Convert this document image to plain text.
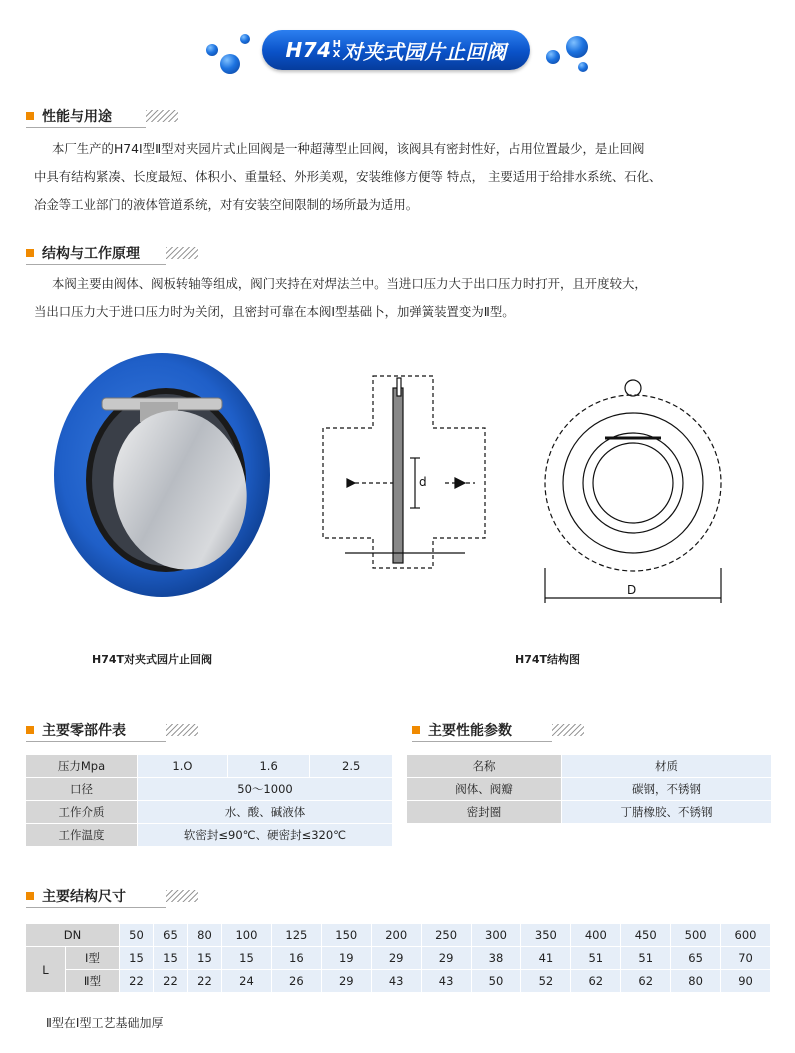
H74 H
X 对夹式园片止回阀
性能与用途
本厂生产的H74Ⅰ型Ⅱ型对夹园片式止回阀是一种超薄型止回阀，该阀具有密封性好，占用位置最少，是止回阀
中具有结构紧凑、长度最短、体积小、重量轻、外形美观，安装维修方便等 特点， 主要适用于给排水系统、石化、
冶金等工业部门的液体管道系统，对有安装空间限制的场所最为适用。
结构与工作原理
本阀主要由阀体、阀板转轴等组成，阀门夹持在对焊法兰中。当进口压力大于出口压力时打开，且开度较大，
当出口压力大于进口压力时为关闭，且密封可靠在本阀Ⅰ型基础卜，加弹簧装置变为Ⅱ型。
H74T对夹式园片止回阀
d
D
H74T结构图
主要零部件表
压力Mpa	1.O	1.6	2.5
口径	50～1000		
工作介质	水、酸、碱液体		
工作温度	软密封≤90℃、硬密封≤320℃		
主要性能参数
名称	材质
阀体、阀瓣	碳钢，不锈钢
密封圈	丁腈橡胶、不锈钢
主要结构尺寸
DN		50	65	80	100	125	150	200	250	300	350	400	450	500	600
L	Ⅰ型	15	15	15	15	16	19	29	29	38	41	51	51	65	70
	Ⅱ型	22	22	22	24	26	29	43	43	50	52	62	62	80	90
Ⅱ型在Ⅰ型工艺基础加厚
